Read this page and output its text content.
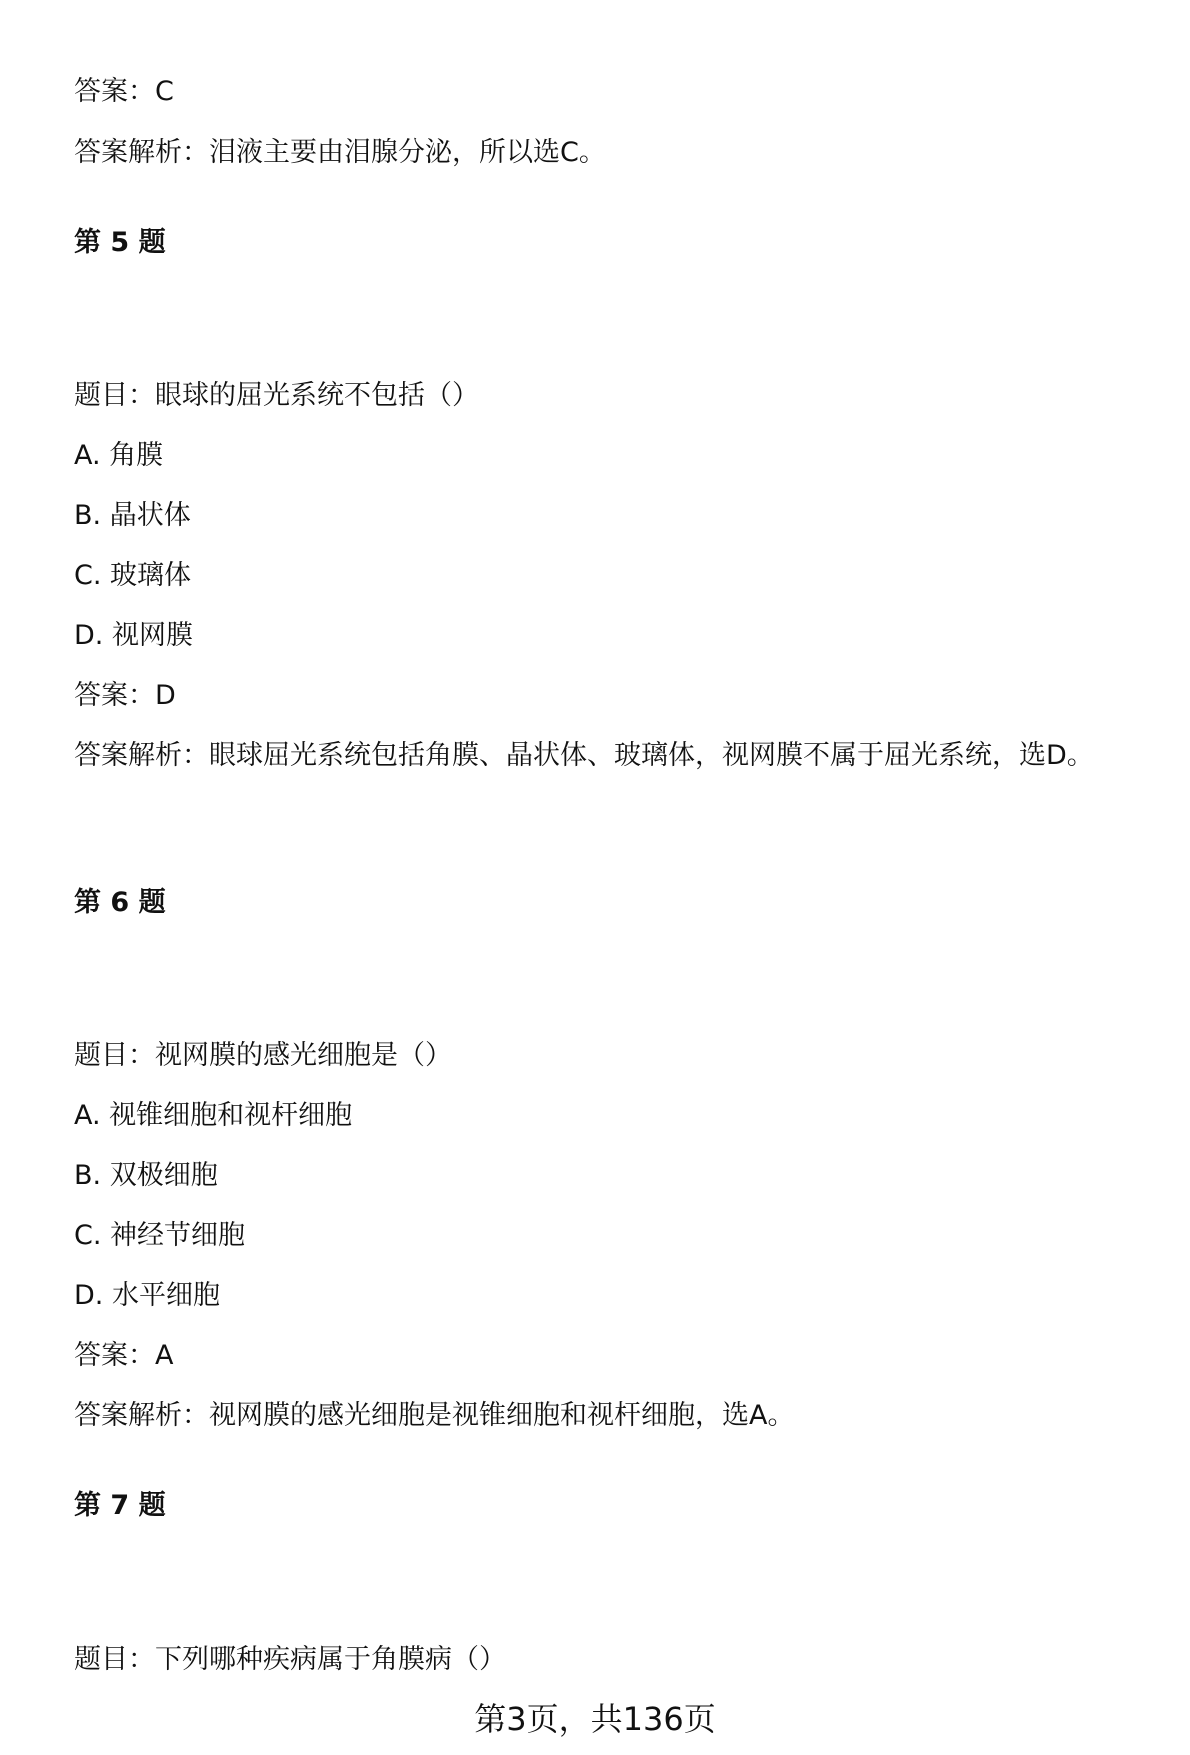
答案：C
答案解析：泪液主要由泪腺分泌，所以选C。
第 5 题
题目：眼球的屈光系统不包括（）
A. 角膜
B. 晶状体
C. 玻璃体
D. 视网膜
答案：D
答案解析：眼球屈光系统包括角膜、晶状体、玻璃体，视网膜不属于屈光系统，选D。
第 6 题
题目：视网膜的感光细胞是（）
A. 视锥细胞和视杆细胞
B. 双极细胞
C. 神经节细胞
D. 水平细胞
答案：A
答案解析：视网膜的感光细胞是视锥细胞和视杆细胞，选A。
第 7 题
题目：下列哪种疾病属于角膜病（）
第3页，共136页
